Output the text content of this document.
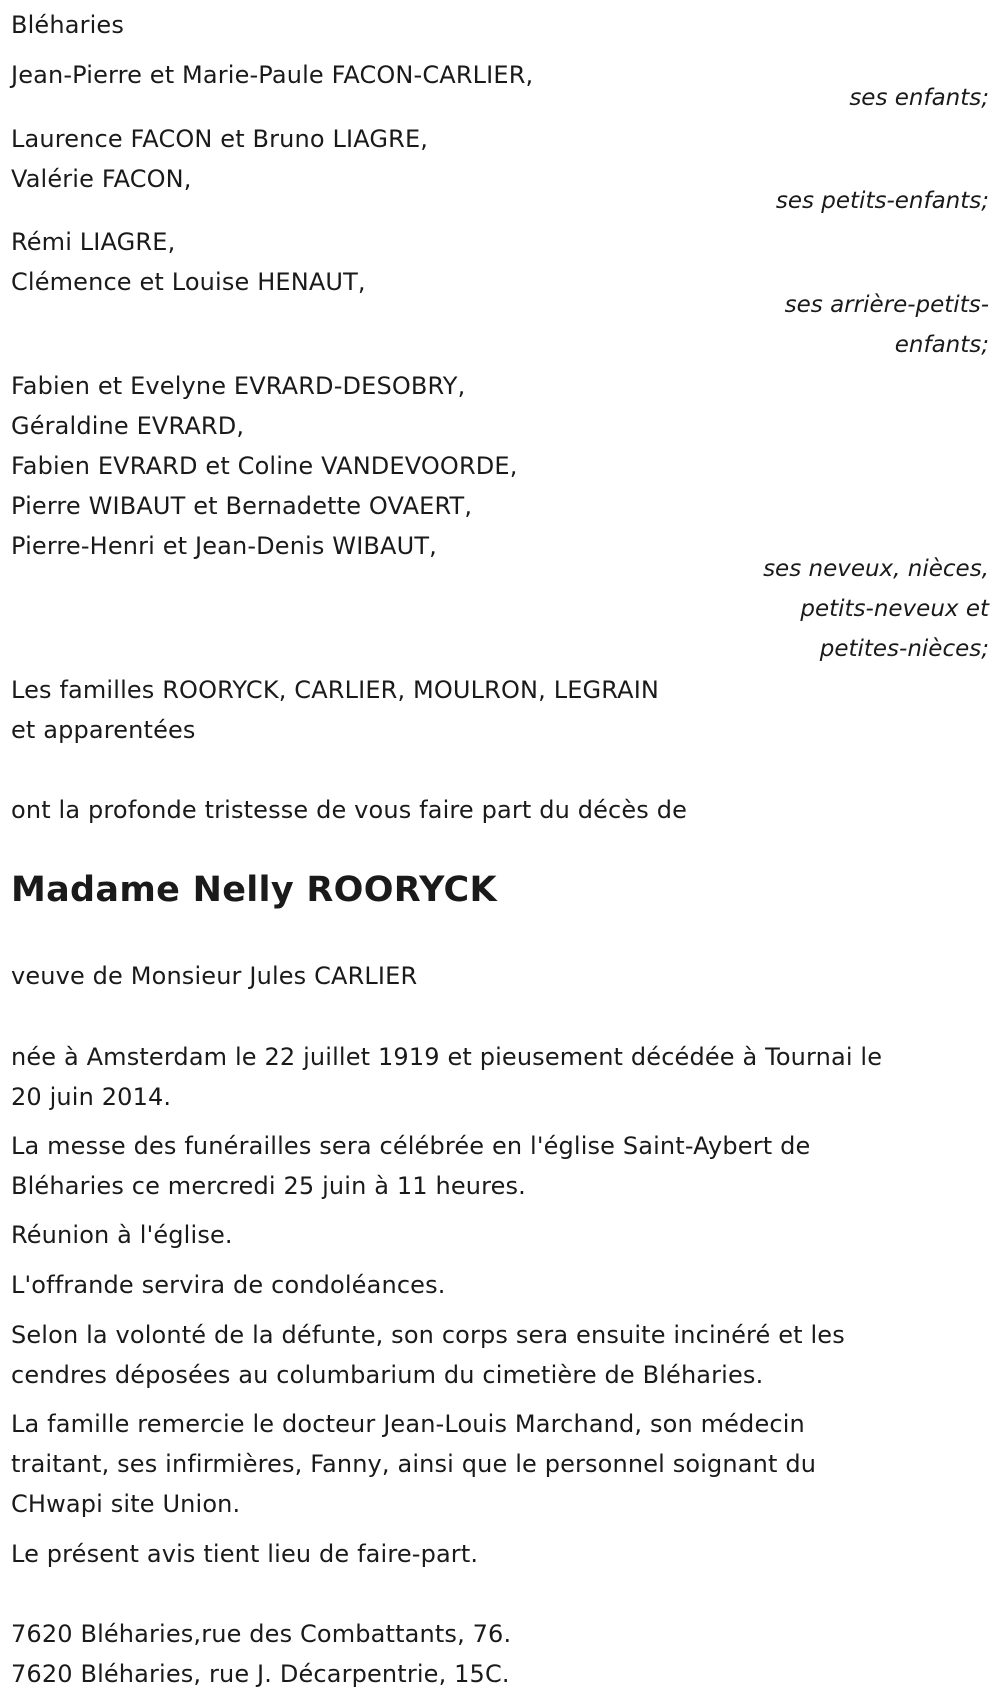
Bléharies
Jean-Pierre et Marie-Paule FACON-CARLIER,
ses enfants;
Laurence FACON et Bruno LIAGRE,
Valérie FACON,
ses petits-enfants;
Rémi LIAGRE,
Clémence et Louise HENAUT,
ses arrière-petits-
enfants;
Fabien et Evelyne EVRARD-DESOBRY,
Géraldine EVRARD,
Fabien EVRARD et Coline VANDEVOORDE,
Pierre WIBAUT et Bernadette OVAERT,
Pierre-Henri et Jean-Denis WIBAUT,
ses neveux, nièces,
petits-neveux et
petites-nièces;
Les familles ROORYCK, CARLIER, MOULRON, LEGRAIN
et apparentées
ont la profonde tristesse de vous faire part du décès de
Madame Nelly ROORYCK
veuve de Monsieur Jules CARLIER
née à Amsterdam le 22 juillet 1919 et pieusement décédée à Tournai le
20 juin 2014.
La messe des funérailles sera célébrée en l'église Saint-Aybert de
Bléharies ce mercredi 25 juin à 11 heures.
Réunion à l'église.
L'offrande servira de condoléances.
Selon la volonté de la défunte, son corps sera ensuite incinéré et les
cendres déposées au columbarium du cimetière de Bléharies.
La famille remercie le docteur Jean-Louis Marchand, son médecin
traitant, ses infirmières, Fanny, ainsi que le personnel soignant du
CHwapi site Union.
Le présent avis tient lieu de faire-part.
7620 Bléharies,rue des Combattants, 76.
7620 Bléharies, rue J. Décarpentrie, 15C.
